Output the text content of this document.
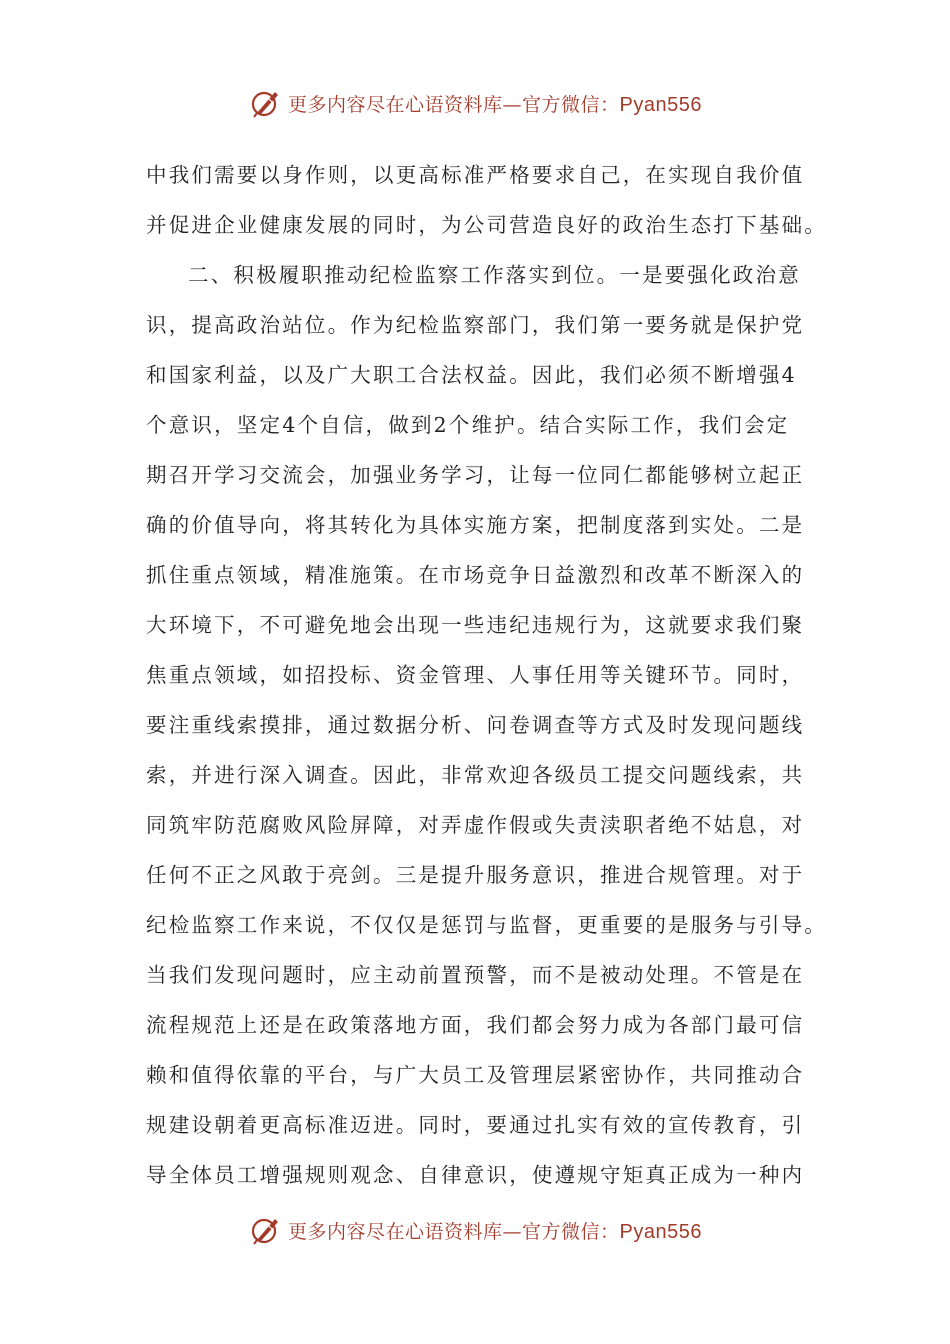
更多内容尽在心语资料库—官方微信：Pyan556
中我们需要以身作则，以更高标准严格要求自己，在实现自我价值
并促进企业健康发展的同时，为公司营造良好的政治生态打下基础。
二、积极履职推动纪检监察工作落实到位。一是要强化政治意
识，提高政治站位。作为纪检监察部门，我们第一要务就是保护党
和国家利益，以及广大职工合法权益。因此，我们必须不断增强4
个意识，坚定4个自信，做到2个维护。结合实际工作，我们会定
期召开学习交流会，加强业务学习，让每一位同仁都能够树立起正
确的价值导向，将其转化为具体实施方案，把制度落到实处。二是
抓住重点领域，精准施策。在市场竞争日益激烈和改革不断深入的
大环境下，不可避免地会出现一些违纪违规行为，这就要求我们聚
焦重点领域，如招投标、资金管理、人事任用等关键环节。同时，
要注重线索摸排，通过数据分析、问卷调查等方式及时发现问题线
索，并进行深入调查。因此，非常欢迎各级员工提交问题线索，共
同筑牢防范腐败风险屏障，对弄虚作假或失责渎职者绝不姑息，对
任何不正之风敢于亮剑。三是提升服务意识，推进合规管理。对于
纪检监察工作来说，不仅仅是惩罚与监督，更重要的是服务与引导。
当我们发现问题时，应主动前置预警，而不是被动处理。不管是在
流程规范上还是在政策落地方面，我们都会努力成为各部门最可信
赖和值得依靠的平台，与广大员工及管理层紧密协作，共同推动合
规建设朝着更高标准迈进。同时，要通过扎实有效的宣传教育，引
导全体员工增强规则观念、自律意识，使遵规守矩真正成为一种内
更多内容尽在心语资料库—官方微信：Pyan556
